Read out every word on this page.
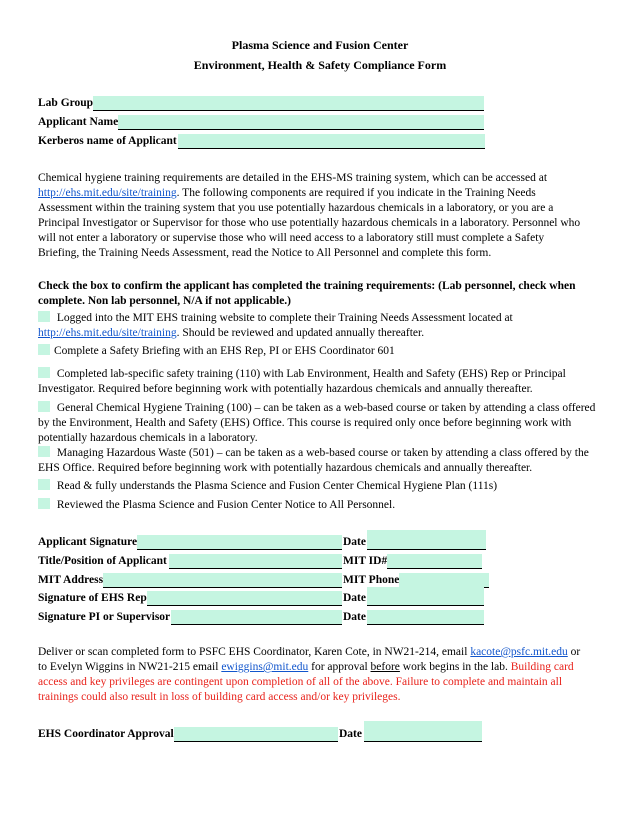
Plasma Science and Fusion Center
Environment, Health & Safety Compliance Form
Lab Group
Applicant Name
Kerberos name of Applicant
Chemical hygiene training requirements are detailed in the EHS-MS training system, which can be accessed at http://ehs.mit.edu/site/training. The following components are required if you indicate in the Training Needs Assessment within the training system that you use potentially hazardous chemicals in a laboratory, or you are a Principal Investigator or Supervisor for those who use potentially hazardous chemicals in a laboratory. Personnel who will not enter a laboratory or supervise those who will need access to a laboratory still must complete a Safety Briefing, the Training Needs Assessment, read the Notice to All Personnel and complete this form.
Check the box to confirm the applicant has completed the training requirements: (Lab personnel, check when complete. Non lab personnel, N/A if not applicable.)
Logged into the MIT EHS training website to complete their Training Needs Assessment located at http://ehs.mit.edu/site/training. Should be reviewed and updated annually thereafter.
Complete a Safety Briefing with an EHS Rep, PI or EHS Coordinator 601
Completed lab-specific safety training (110) with Lab Environment, Health and Safety (EHS) Rep or Principal Investigator. Required before beginning work with potentially hazardous chemicals and annually thereafter.
General Chemical Hygiene Training (100) – can be taken as a web-based course or taken by attending a class offered by the Environment, Health and Safety (EHS) Office. This course is required only once before beginning work with potentially hazardous chemicals in a laboratory.
Managing Hazardous Waste (501) – can be taken as a web-based course or taken by attending a class offered by the EHS Office. Required before beginning work with potentially hazardous chemicals and annually thereafter.
Read & fully understands the Plasma Science and Fusion Center Chemical Hygiene Plan (111s)
Reviewed the Plasma Science and Fusion Center Notice to All Personnel.
Applicant Signature	Date
Title/Position of Applicant	MIT ID#
MIT Address	MIT Phone
Signature of EHS Rep	Date
Signature PI or Supervisor	Date
Deliver or scan completed form to PSFC EHS Coordinator, Karen Cote, in NW21-214, email kacote@psfc.mit.edu or to Evelyn Wiggins in NW21-215 email ewiggins@mit.edu for approval before work begins in the lab. Building card access and key privileges are contingent upon completion of all of the above. Failure to complete and maintain all trainings could also result in loss of building card access and/or key privileges.
EHS Coordinator Approval	Date
